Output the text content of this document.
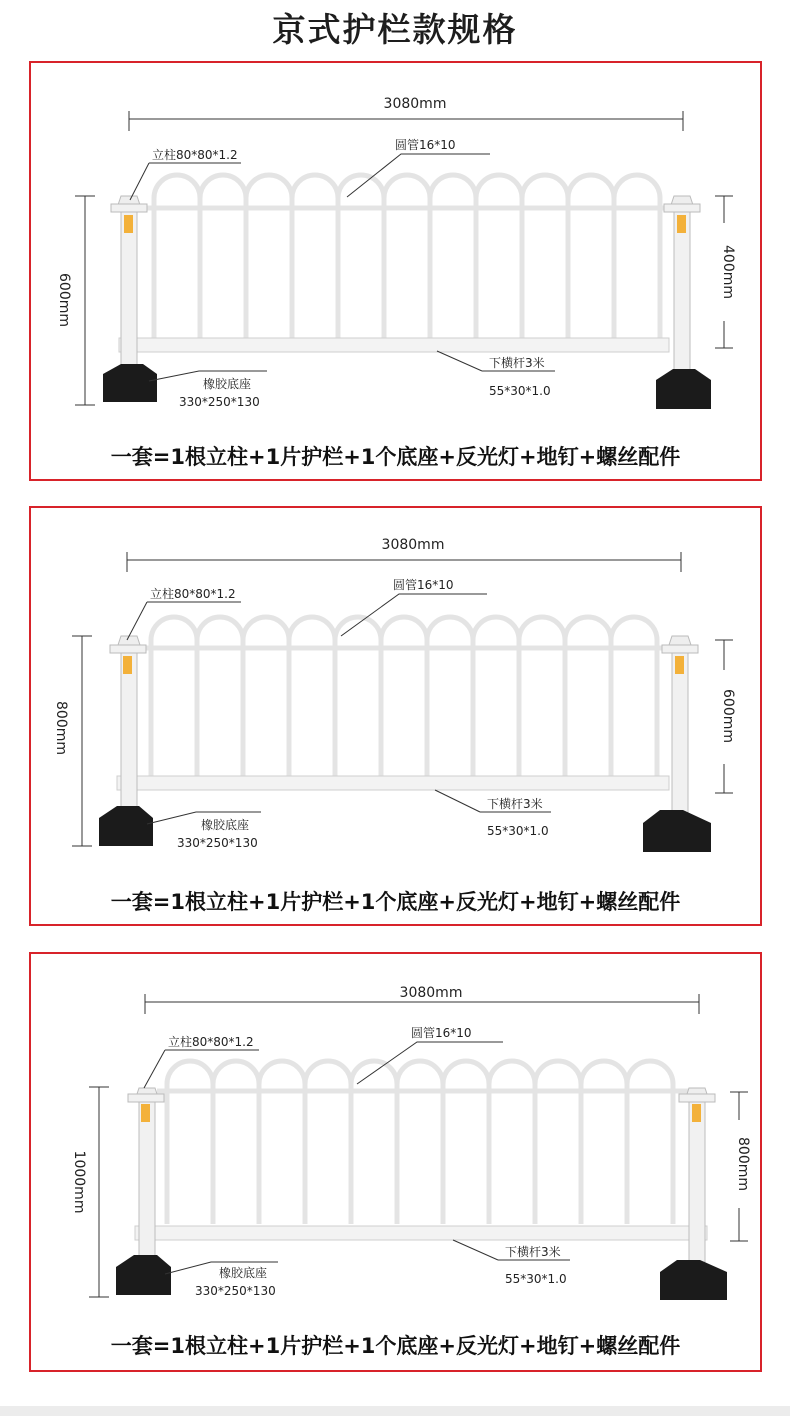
京式护栏款规格
3080mm
600mm
400mm
立柱80*80*1.2
圆管16*10
橡胶底座
330*250*130
下横杆3米
55*30*1.0
一套=1根立柱+1片护栏+1个底座+反光灯+地钉+螺丝配件
3080mm
800mm	600mm
立柱80*80*1.2
圆管16*10
橡胶底座
330*250*130
下横杆3米
55*30*1.0
一套=1根立柱+1片护栏+1个底座+反光灯+地钉+螺丝配件
3080mm
1000mm	800mm
立柱80*80*1.2
圆管16*10
橡胶底座
330*250*130
下横杆3米
55*30*1.0
一套=1根立柱+1片护栏+1个底座+反光灯+地钉+螺丝配件
